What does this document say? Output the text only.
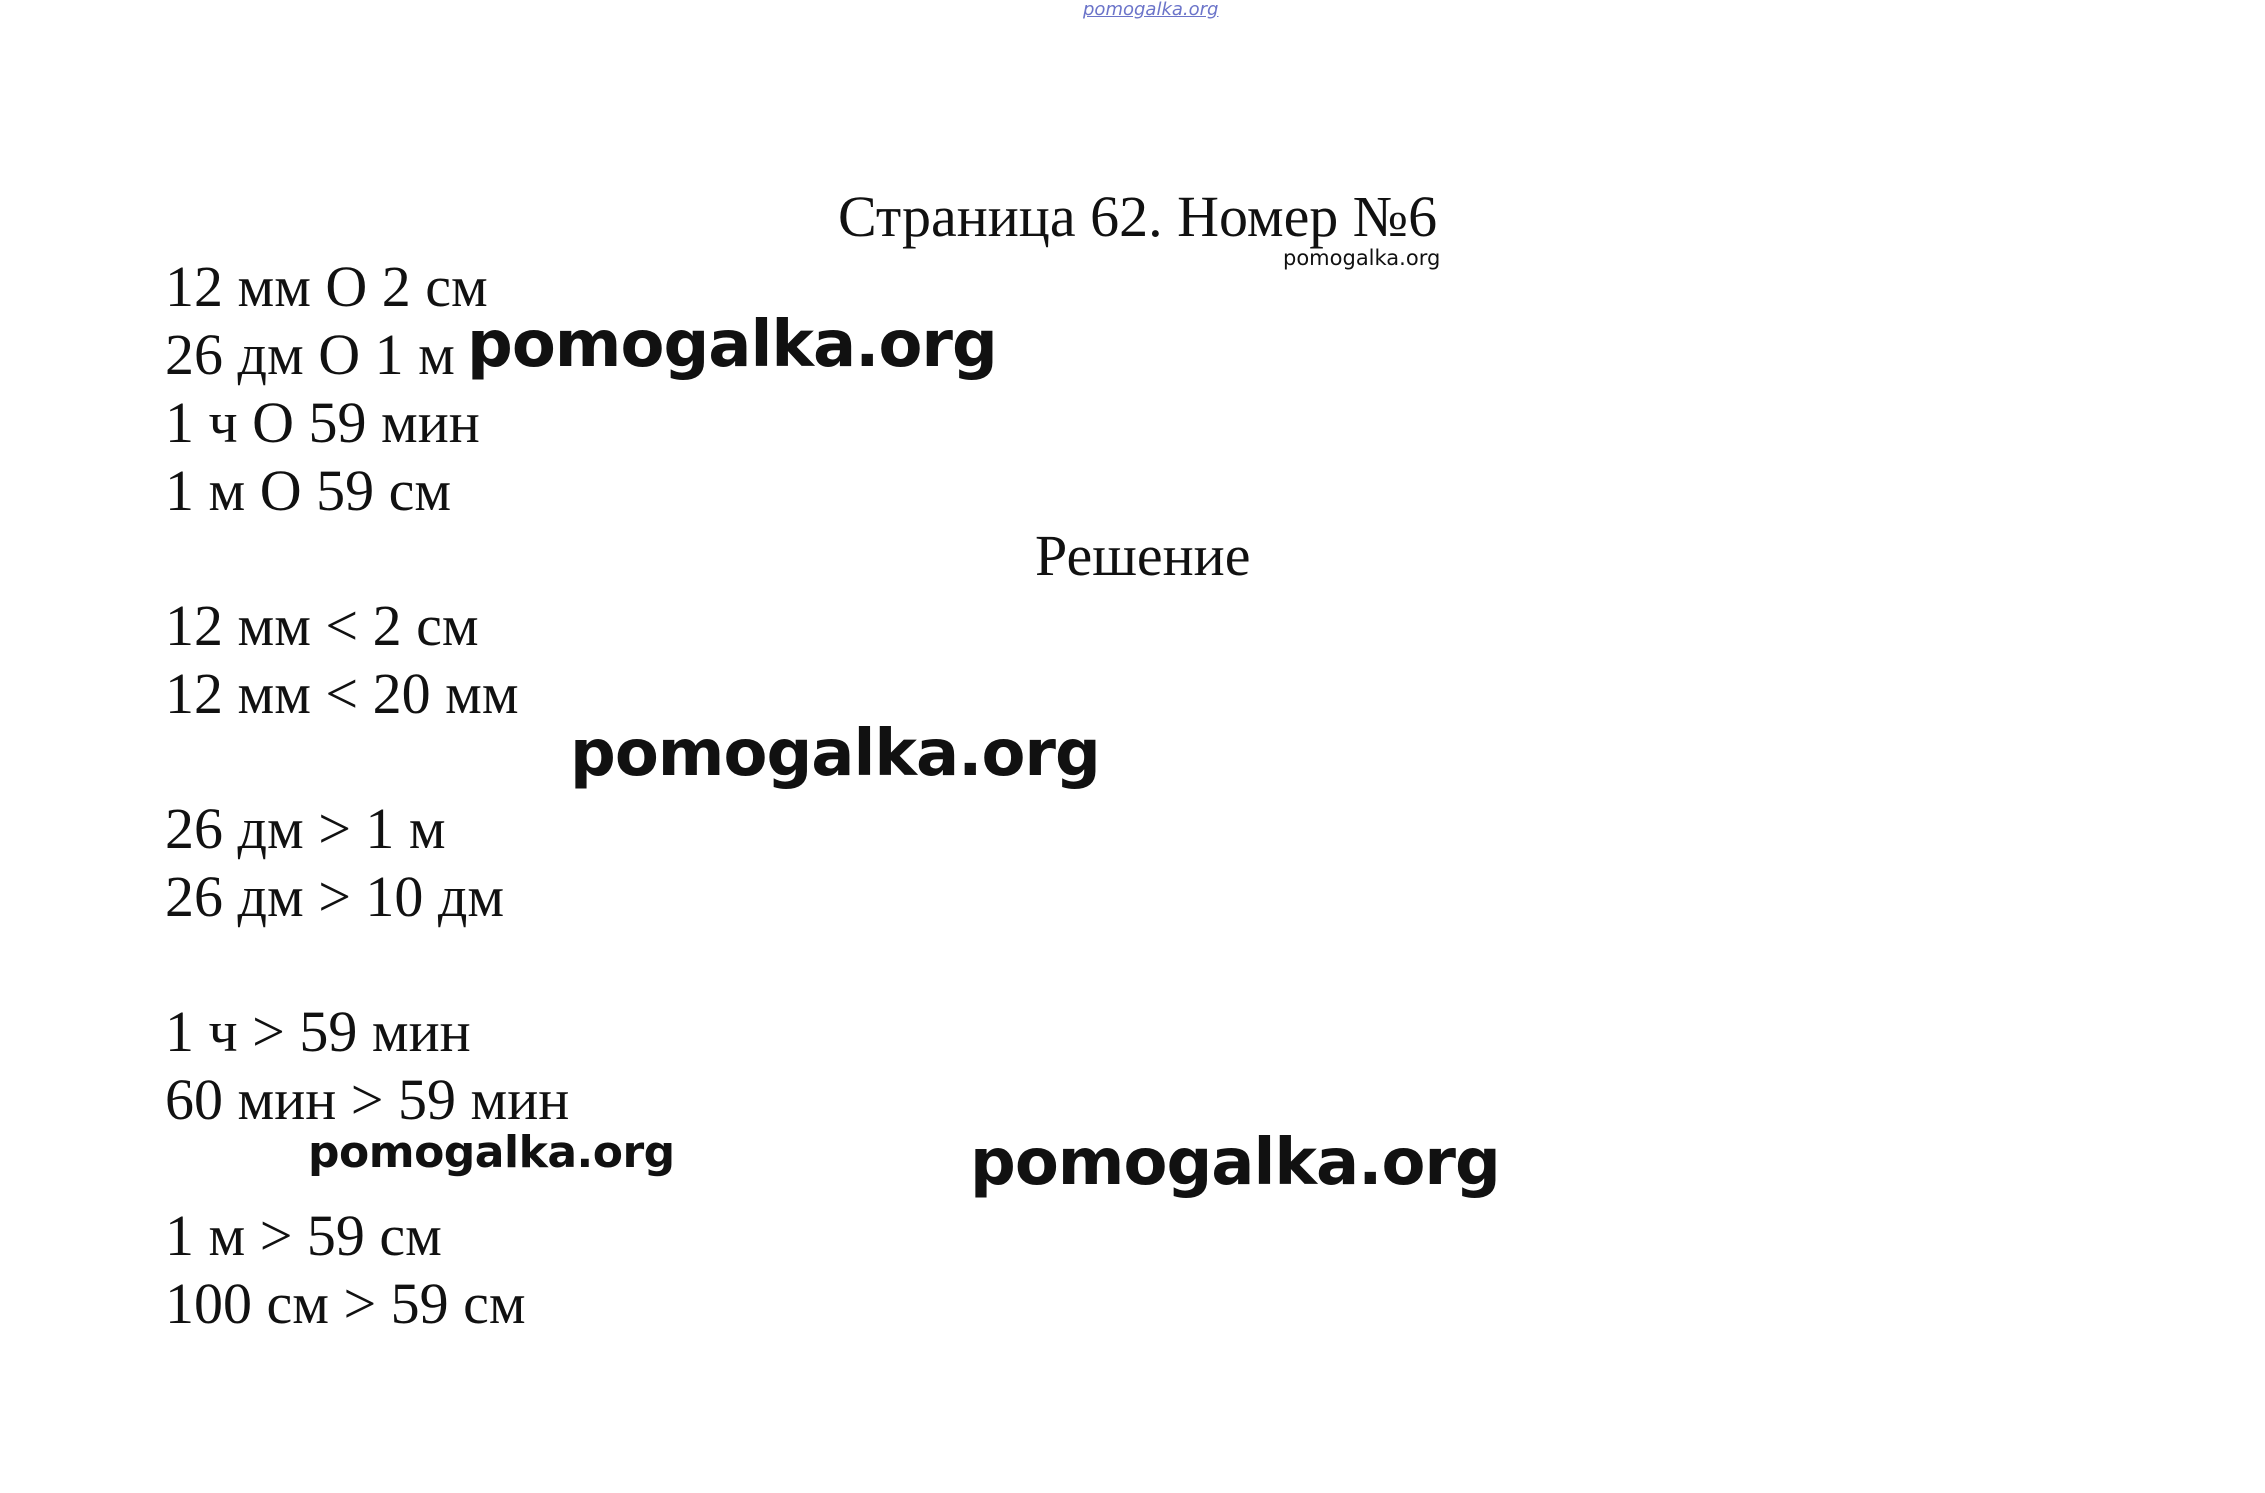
pomogalka.org
Страница 62. Номер №6
pomogalka.org
12 мм О 2 см
26 дм О 1 м pomogalka.org
1 ч О 59 мин
1 м О 59 см
Решение
12 мм < 2 см
12 мм < 20 мм
pomogalka.org
26 дм > 1 м
26 дм > 10 дм
1 ч > 59 мин
60 мин > 59 мин
pomogalka.org	pomogalka.org
1 м > 59 см
100 см > 59 см
